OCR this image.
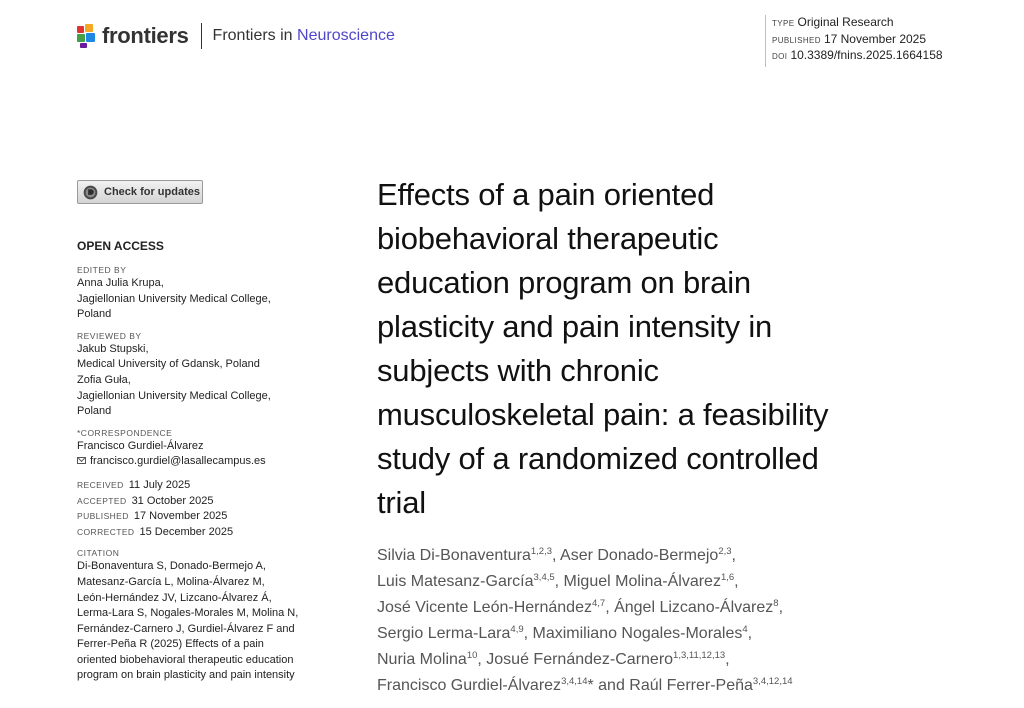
frontiers Frontiers in Neuroscience
TYPE Original Research
PUBLISHED 17 November 2025
DOI 10.3389/fnins.2025.1664158
Check for updates
OPEN ACCESS
EDITED BY
Anna Julia Krupa,
Jagiellonian University Medical College,
Poland
REVIEWED BY
Jakub Stupski,
Medical University of Gdansk, Poland
Zofia Guła,
Jagiellonian University Medical College,
Poland
*CORRESPONDENCE
Francisco Gurdiel-Álvarez
francisco.gurdiel@lasallecampus.es
RECEIVED 11 July 2025
ACCEPTED 31 October 2025
PUBLISHED 17 November 2025
CORRECTED 15 December 2025
CITATION
Di-Bonaventura S, Donado-Bermejo A,
Matesanz-García L, Molina-Álvarez M,
León-Hernández JV, Lizcano-Álvarez Á,
Lerma-Lara S, Nogales-Morales M, Molina N,
Fernández-Carnero J, Gurdiel-Álvarez F and
Ferrer-Peña R (2025) Effects of a pain
oriented biobehavioral therapeutic education
program on brain plasticity and pain intensity
Effects of a pain oriented
biobehavioral therapeutic
education program on brain
plasticity and pain intensity in
subjects with chronic
musculoskeletal pain: a feasibility
study of a randomized controlled
trial
Silvia Di-Bonaventura$^{1,2,3}$, Aser Donado-Bermejo$^{2,3}$,
Luis Matesanz-García$^{3,4,5}$, Miguel Molina-Álvarez$^{1,6}$,
José Vicente León-Hernández$^{4,7}$, Ángel Lizcano-Álvarez$^8$,
Sergio Lerma-Lara$^{4,9}$, Maximiliano Nogales-Morales$^4$,
Nuria Molina$^{10}$, Josué Fernández-Carnero$^{1,3,11,12,13}$,
Francisco Gurdiel-Álvarez$^{3,4,14}$* and Raúl Ferrer-Peña$^{3,4,12,14}$
